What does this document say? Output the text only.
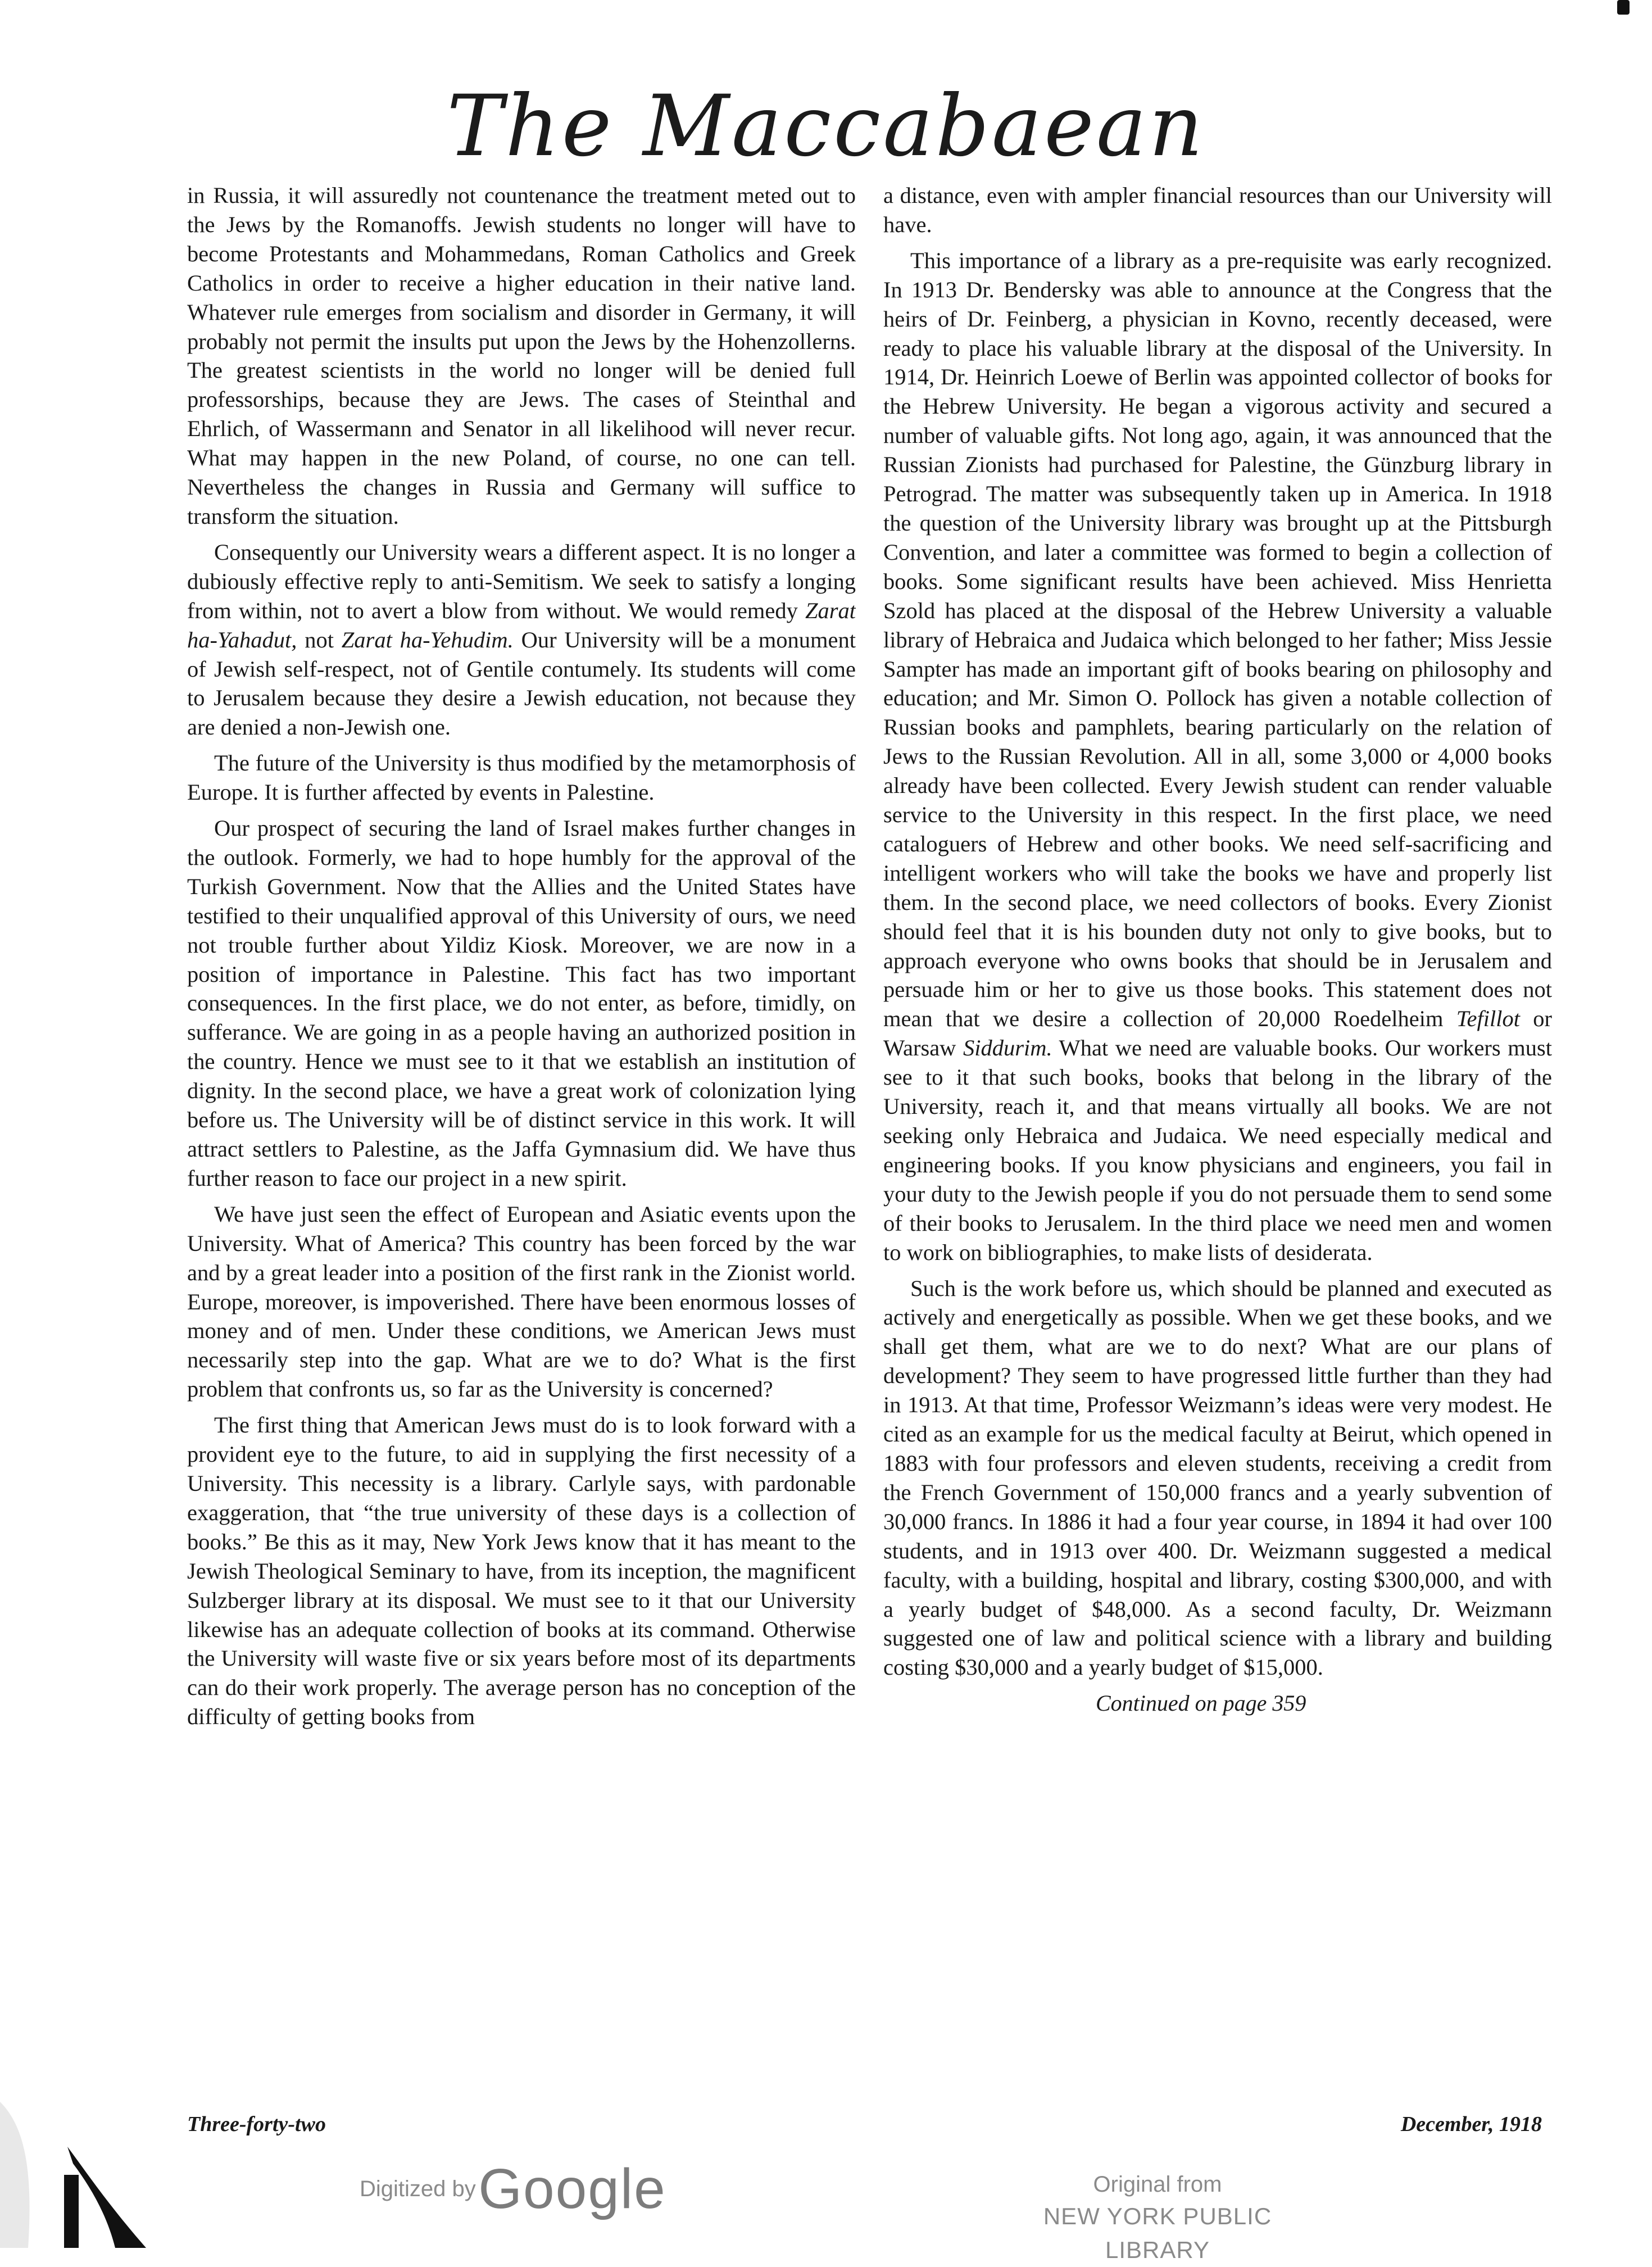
The Maccabaean

in Russia, it will assuredly not countenance the treatment meted out to the Jews by the Romanoffs. Jewish students no longer will have to become Protestants and Mohammedans, Roman Catholics and Greek Catholics in order to receive a higher education in their native land. Whatever rule emerges from socialism and disorder in Germany, it will probably not permit the insults put upon the Jews by the Hohenzollerns. The greatest scientists in the world no longer will be denied full professorships, because they are Jews. The cases of Steinthal and Ehrlich, of Wassermann and Senator in all likelihood will never recur. What may happen in the new Poland, of course, no one can tell. Nevertheless the changes in Russia and Germany will suffice to transform the situation.

Consequently our University wears a different aspect. It is no longer a dubiously effective reply to anti-Semitism. We seek to satisfy a longing from within, not to avert a blow from without. We would remedy Zarat ha-Yahadut, not Zarat ha-Yehudim. Our University will be a monument of Jewish self-respect, not of Gentile contumely. Its students will come to Jerusalem because they desire a Jewish education, not because they are denied a non-Jewish one.

The future of the University is thus modified by the metamorphosis of Europe. It is further affected by events in Palestine.

Our prospect of securing the land of Israel makes further changes in the outlook. Formerly, we had to hope humbly for the approval of the Turkish Government. Now that the Allies and the United States have testified to their unqualified approval of this University of ours, we need not trouble further about Yildiz Kiosk. Moreover, we are now in a position of importance in Palestine. This fact has two important consequences. In the first place, we do not enter, as before, timidly, on sufferance. We are going in as a people having an authorized position in the country. Hence we must see to it that we establish an institution of dignity. In the second place, we have a great work of colonization lying before us. The University will be of distinct service in this work. It will attract settlers to Palestine, as the Jaffa Gymnasium did. We have thus further reason to face our project in a new spirit.

We have just seen the effect of European and Asiatic events upon the University. What of America? This country has been forced by the war and by a great leader into a position of the first rank in the Zionist world. Europe, moreover, is impoverished. There have been enormous losses of money and of men. Under these conditions, we American Jews must necessarily step into the gap. What are we to do? What is the first problem that confronts us, so far as the University is concerned?

The first thing that American Jews must do is to look forward with a provident eye to the future, to aid in supplying the first necessity of a University. This necessity is a library. Carlyle says, with pardonable exaggeration, that “the true university of these days is a collection of books.” Be this as it may, New York Jews know that it has meant to the Jewish Theological Seminary to have, from its inception, the magnificent Sulzberger library at its disposal. We must see to it that our University likewise has an adequate collection of books at its command. Otherwise the University will waste five or six years before most of its departments can do their work properly. The average person has no conception of the difficulty of getting books from

a distance, even with ampler financial resources than our University will have.

This importance of a library as a pre-requisite was early recognized. In 1913 Dr. Bendersky was able to announce at the Congress that the heirs of Dr. Feinberg, a physician in Kovno, recently deceased, were ready to place his valuable library at the disposal of the University. In 1914, Dr. Heinrich Loewe of Berlin was appointed collector of books for the Hebrew University. He began a vigorous activity and secured a number of valuable gifts. Not long ago, again, it was announced that the Russian Zionists had purchased for Palestine, the Günzburg library in Petrograd. The matter was subsequently taken up in America. In 1918 the question of the University library was brought up at the Pittsburgh Convention, and later a committee was formed to begin a collection of books. Some significant results have been achieved. Miss Henrietta Szold has placed at the disposal of the Hebrew University a valuable library of Hebraica and Judaica which belonged to her father; Miss Jessie Sampter has made an important gift of books bearing on philosophy and education; and Mr. Simon O. Pollock has given a notable collection of Russian books and pamphlets, bearing particularly on the relation of Jews to the Russian Revolution. All in all, some 3,000 or 4,000 books already have been collected. Every Jewish student can render valuable service to the University in this respect. In the first place, we need cataloguers of Hebrew and other books. We need self-sacrificing and intelligent workers who will take the books we have and properly list them. In the second place, we need collectors of books. Every Zionist should feel that it is his bounden duty not only to give books, but to approach everyone who owns books that should be in Jerusalem and persuade him or her to give us those books. This statement does not mean that we desire a collection of 20,000 Roedelheim Tefillot or Warsaw Siddurim. What we need are valuable books. Our workers must see to it that such books, books that belong in the library of the University, reach it, and that means virtually all books. We are not seeking only Hebraica and Judaica. We need especially medical and engineering books. If you know physicians and engineers, you fail in your duty to the Jewish people if you do not persuade them to send some of their books to Jerusalem. In the third place we need men and women to work on bibliographies, to make lists of desiderata.

Such is the work before us, which should be planned and executed as actively and energetically as possible. When we get these books, and we shall get them, what are we to do next? What are our plans of development? They seem to have progressed little further than they had in 1913. At that time, Professor Weizmann’s ideas were very modest. He cited as an example for us the medical faculty at Beirut, which opened in 1883 with four professors and eleven students, receiving a credit from the French Government of 150,000 francs and a yearly subvention of 30,000 francs. In 1886 it had a four year course, in 1894 it had over 100 students, and in 1913 over 400. Dr. Weizmann suggested a medical faculty, with a building, hospital and library, costing $300,000, and with a yearly budget of $48,000. As a second faculty, Dr. Weizmann suggested one of law and political science with a library and building costing $30,000 and a yearly budget of $15,000.

Continued on page 359

Three-forty-two	December, 1918
Digitized by Google	Original from
NEW YORK PUBLIC LIBRARY
